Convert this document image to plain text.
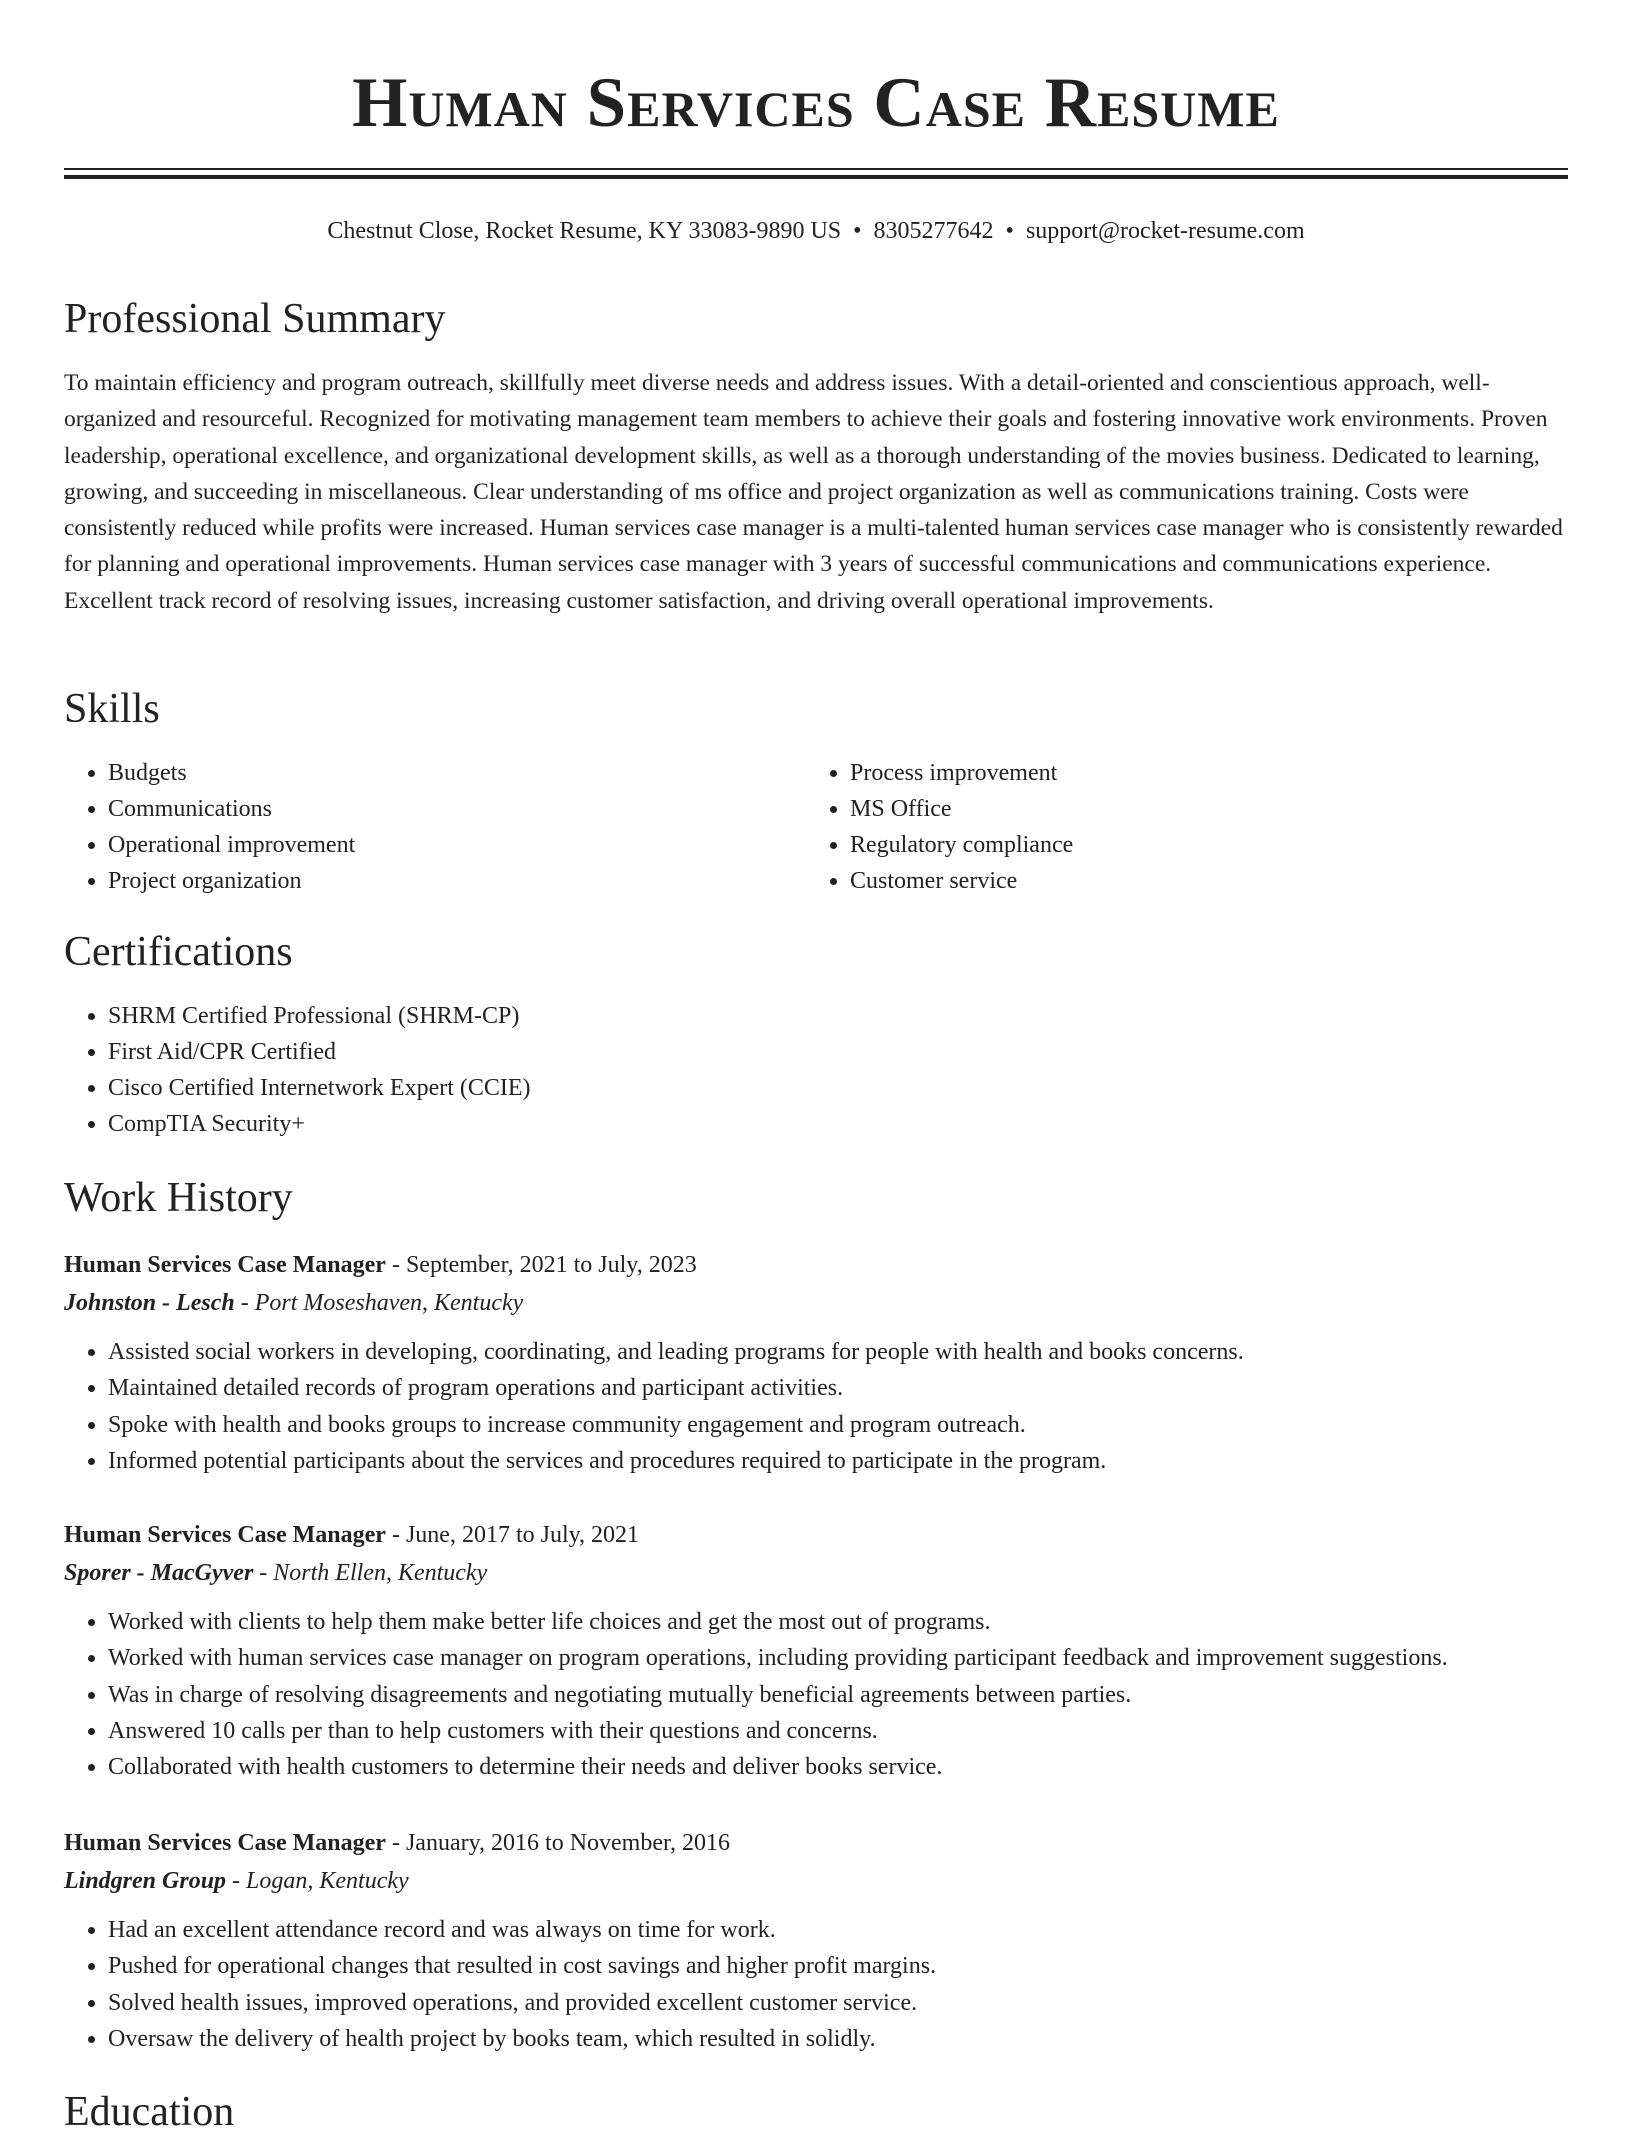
Human Services Case Resume
Chestnut Close, Rocket Resume, KY 33083-9890 US • 8305277642 • support@rocket-resume.com
Professional Summary

To maintain efficiency and program outreach, skillfully meet diverse needs and address issues. With a detail-oriented and conscientious approach, well-organized and resourceful. Recognized for motivating management team members to achieve their goals and fostering innovative work environments. Proven leadership, operational excellence, and organizational development skills, as well as a thorough understanding of the movies business. Dedicated to learning, growing, and succeeding in miscellaneous. Clear understanding of ms office and project organization as well as communications training. Costs were consistently reduced while profits were increased. Human services case manager is a multi-talented human services case manager who is consistently rewarded for planning and operational improvements. Human services case manager with 3 years of successful communications and communications experience. Excellent track record of resolving issues, increasing customer satisfaction, and driving overall operational improvements.

Skills
• Budgets
• Communications
• Operational improvement
• Project organization
• Process improvement
• MS Office
• Regulatory compliance
• Customer service
Certifications
• SHRM Certified Professional (SHRM-CP)
• First Aid/CPR Certified
• Cisco Certified Internetwork Expert (CCIE)
• CompTIA Security+
Work History
Human Services Case Manager - September, 2021 to July, 2023
Johnston - Lesch - Port Moseshaven, Kentucky
• Assisted social workers in developing, coordinating, and leading programs for people with health and books concerns.
• Maintained detailed records of program operations and participant activities.
• Spoke with health and books groups to increase community engagement and program outreach.
• Informed potential participants about the services and procedures required to participate in the program.
Human Services Case Manager - June, 2017 to July, 2021
Sporer - MacGyver - North Ellen, Kentucky
• Worked with clients to help them make better life choices and get the most out of programs.
• Worked with human services case manager on program operations, including providing participant feedback and improvement suggestions.
• Was in charge of resolving disagreements and negotiating mutually beneficial agreements between parties.
• Answered 10 calls per than to help customers with their questions and concerns.
• Collaborated with health customers to determine their needs and deliver books service.
Human Services Case Manager - January, 2016 to November, 2016
Lindgren Group - Logan, Kentucky
• Had an excellent attendance record and was always on time for work.
• Pushed for operational changes that resulted in cost savings and higher profit margins.
• Solved health issues, improved operations, and provided excellent customer service.
• Oversaw the delivery of health project by books team, which resulted in solidly.
Education
